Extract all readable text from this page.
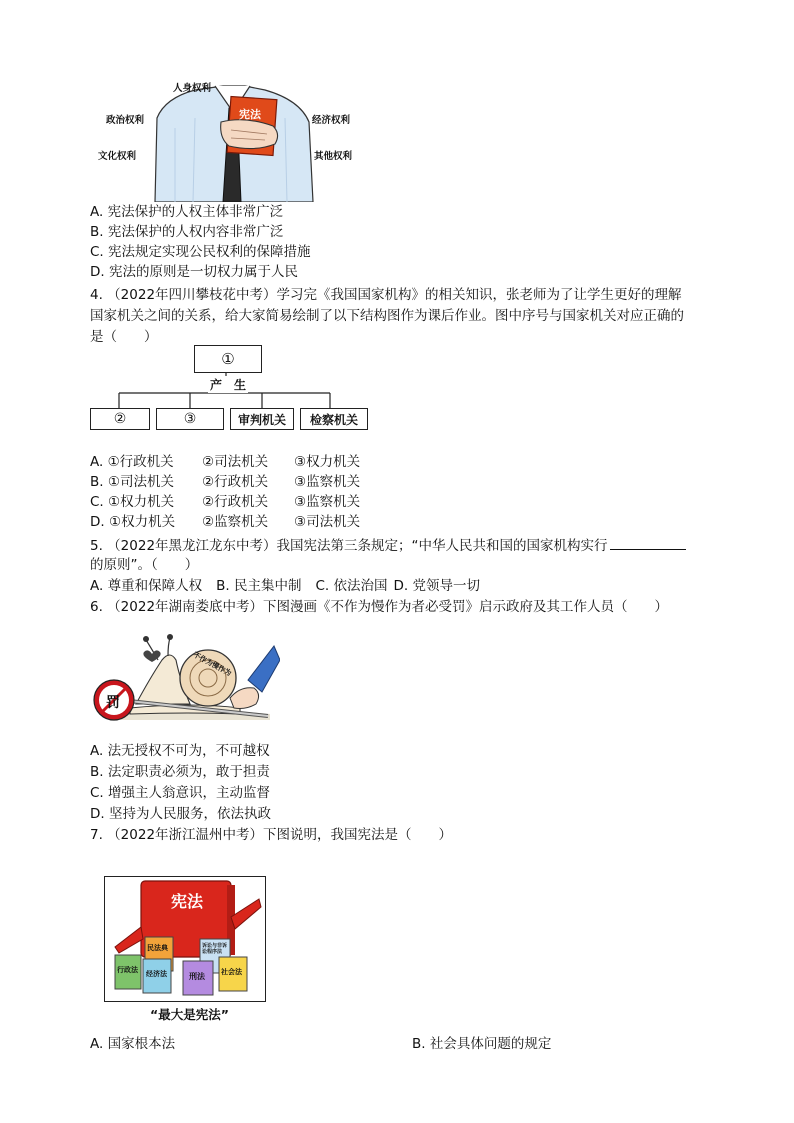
宪法
人身权利
政治权利
文化权利
经济权利
其他权利
A. 宪法保护的人权主体非常广泛
B. 宪法保护的人权内容非常广泛
C. 宪法规定实现公民权利的保障措施
D. 宪法的原则是一切权力属于人民
4. （2022年四川攀枝花中考）学习完《我国国家机构》的相关知识，张老师为了让学生更好的理解
国家机关之间的关系，给大家简易绘制了以下结构图作为课后作业。图中序号与国家机关对应正确的
是（　　）
①
产　生
②	③	审判机关	检察机关
A. ①行政机关 ②司法机关 ③权力机关
B. ①司法机关 ②行政机关 ③监察机关
C. ①权力机关 ②行政机关 ③监察机关
D. ①权力机关 ②监察机关 ③司法机关
5. （2022年黑龙江龙东中考）我国宪法第三条规定；“中华人民共和国的国家机构实行
的原则”。（　　）
A. 尊重和保障人权 B. 民主集中制 C. 依法治国 D. 党领导一切
6. （2022年湖南娄底中考）下图漫画《不作为慢作为者必受罚》启示政府及其工作人员（　　）
不作为慢作为
罚
A. 法无授权不可为，不可越权
B. 法定职责必须为，敢于担责
C. 增强主人翁意识，主动监督
D. 坚持为人民服务，依法执政
7. （2022年浙江温州中考）下图说明，我国宪法是（　　）
宪法
民法典
行政法 经济法	刑法 社会法
诉讼与非诉讼程序法
“最大是宪法”
A. 国家根本法	B. 社会具体问题的规定
